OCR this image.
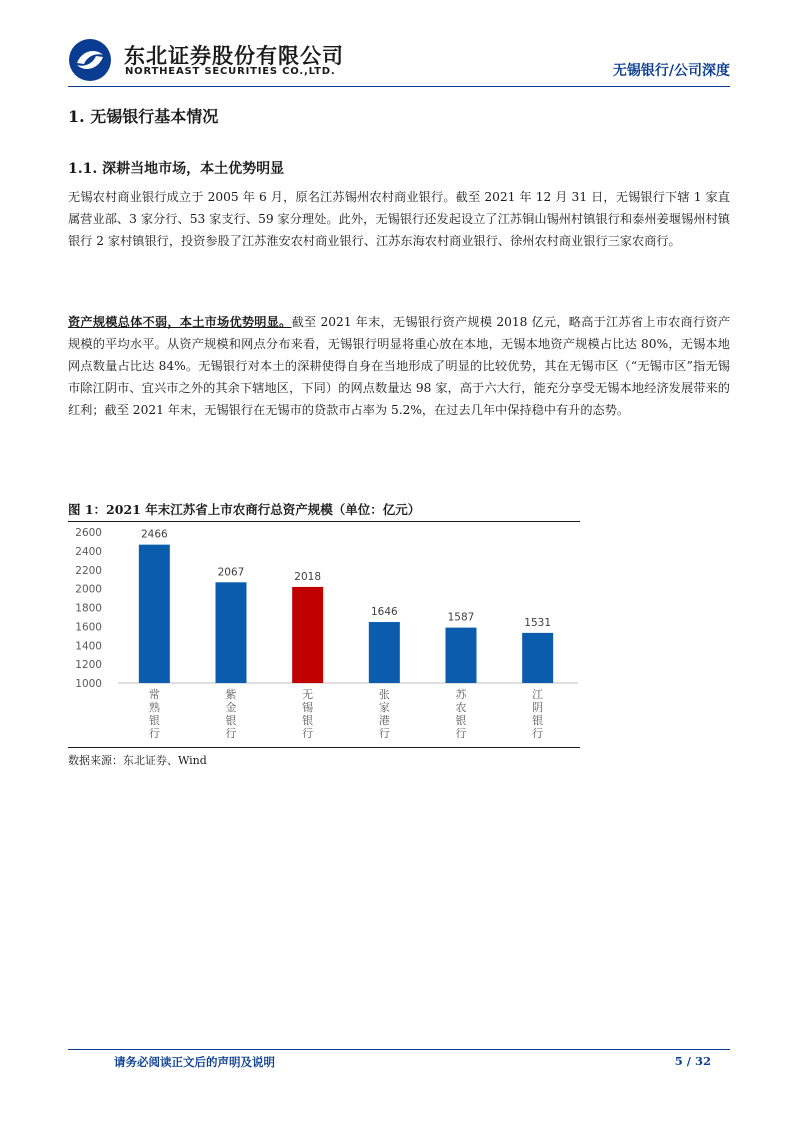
东北证券股份有限公司
NORTHEAST SECURITIES CO.,LTD.	无锡银行/公司深度
1. 无锡银行基本情况
1.1. 深耕当地市场，本土优势明显
无锡农村商业银行成立于 2005 年 6 月，原名江苏锡州农村商业银行。截至 2021 年 12 月 31 日，无锡银行下辖 1 家直属营业部、3 家分行、53 家支行、59 家分理处。此外，无锡银行还发起设立了江苏铜山锡州村镇银行和泰州姜堰锡州村镇银行 2 家村镇银行，投资参股了江苏淮安农村商业银行、江苏东海农村商业银行、徐州农村商业银行三家农商行。
资产规模总体不弱，本土市场优势明显。截至 2021 年末，无锡银行资产规模 2018 亿元，略高于江苏省上市农商行资产规模的平均水平。从资产规模和网点分布来看，无锡银行明显将重心放在本地，无锡本地资产规模占比达 80%，无锡本地网点数量占比达 84%。无锡银行对本土的深耕使得自身在当地形成了明显的比较优势，其在无锡市区（“无锡市区”指无锡市除江阴市、宜兴市之外的其余下辖地区，下同）的网点数量达 98 家，高于六大行，能充分享受无锡本地经济发展带来的红利；截至 2021 年末，无锡银行在无锡市的贷款市占率为 5.2%，在过去几年中保持稳中有升的态势。
图 1：2021 年末江苏省上市农商行总资产规模（单位：亿元）
2600
2400
2200
2000
1800
1600
1400
1200
1000
2466
常熟银行
2067
紫金银行
2018
无锡银行
1646
张家港行
1587
苏农银行
1531
江阴银行
数据来源：东北证券、Wind
请务必阅读正文后的声明及说明	5 / 32
